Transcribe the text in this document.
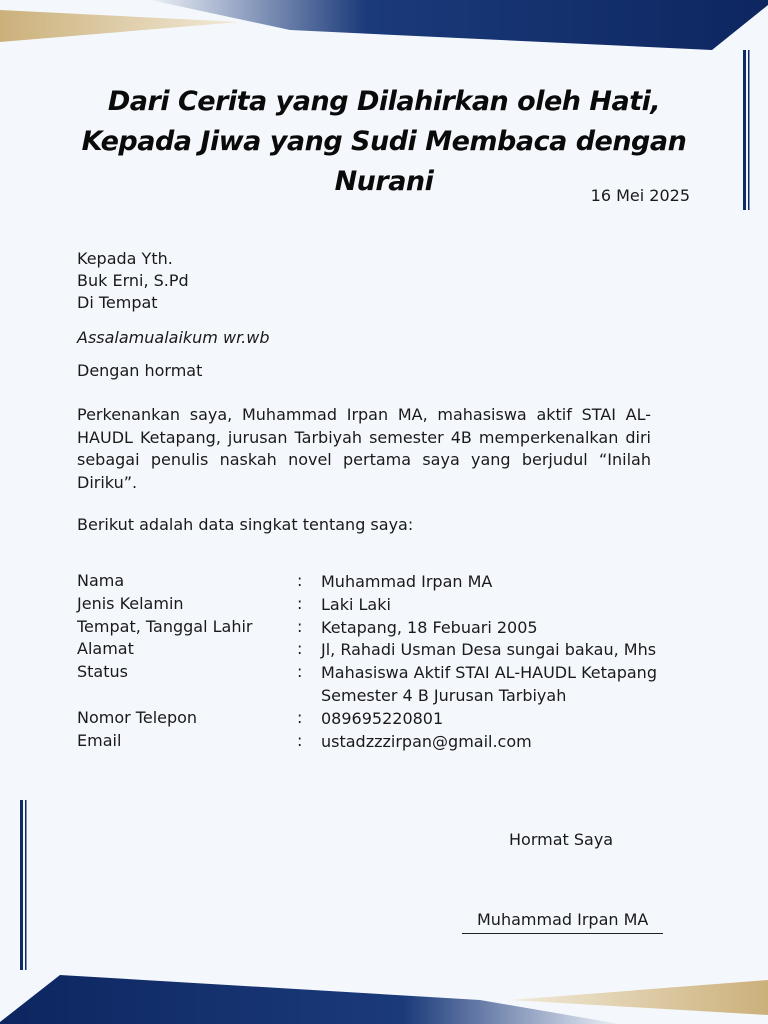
Dari Cerita yang Dilahirkan oleh Hati,
Kepada Jiwa yang Sudi Membaca dengan Nurani	16 Mei 2025
Kepada Yth.
Buk Erni, S.Pd
Di Tempat
Assalamualaikum wr.wb
Dengan hormat
Perkenankan saya, Muhammad Irpan MA, mahasiswa aktif STAI AL-HAUDL Ketapang, jurusan Tarbiyah semester 4B memperkenalkan diri sebagai penulis naskah novel pertama saya yang berjudul “Inilah Diriku”.
Berikut adalah data singkat tentang saya:
Nama	: Muhammad Irpan MA
Jenis Kelamin	: Laki Laki
Tempat, Tanggal Lahir	: Ketapang, 18 Febuari 2005
Alamat	: Jl, Rahadi Usman Desa sungai bakau, Mhs
Status	: Mahasiswa Aktif STAI AL-HAUDL Ketapang
Semester 4 B Jurusan Tarbiyah
Nomor Telepon	: 089695220801
Email	: ustadzzzirpan@gmail.com
Hormat Saya
Muhammad Irpan MA
